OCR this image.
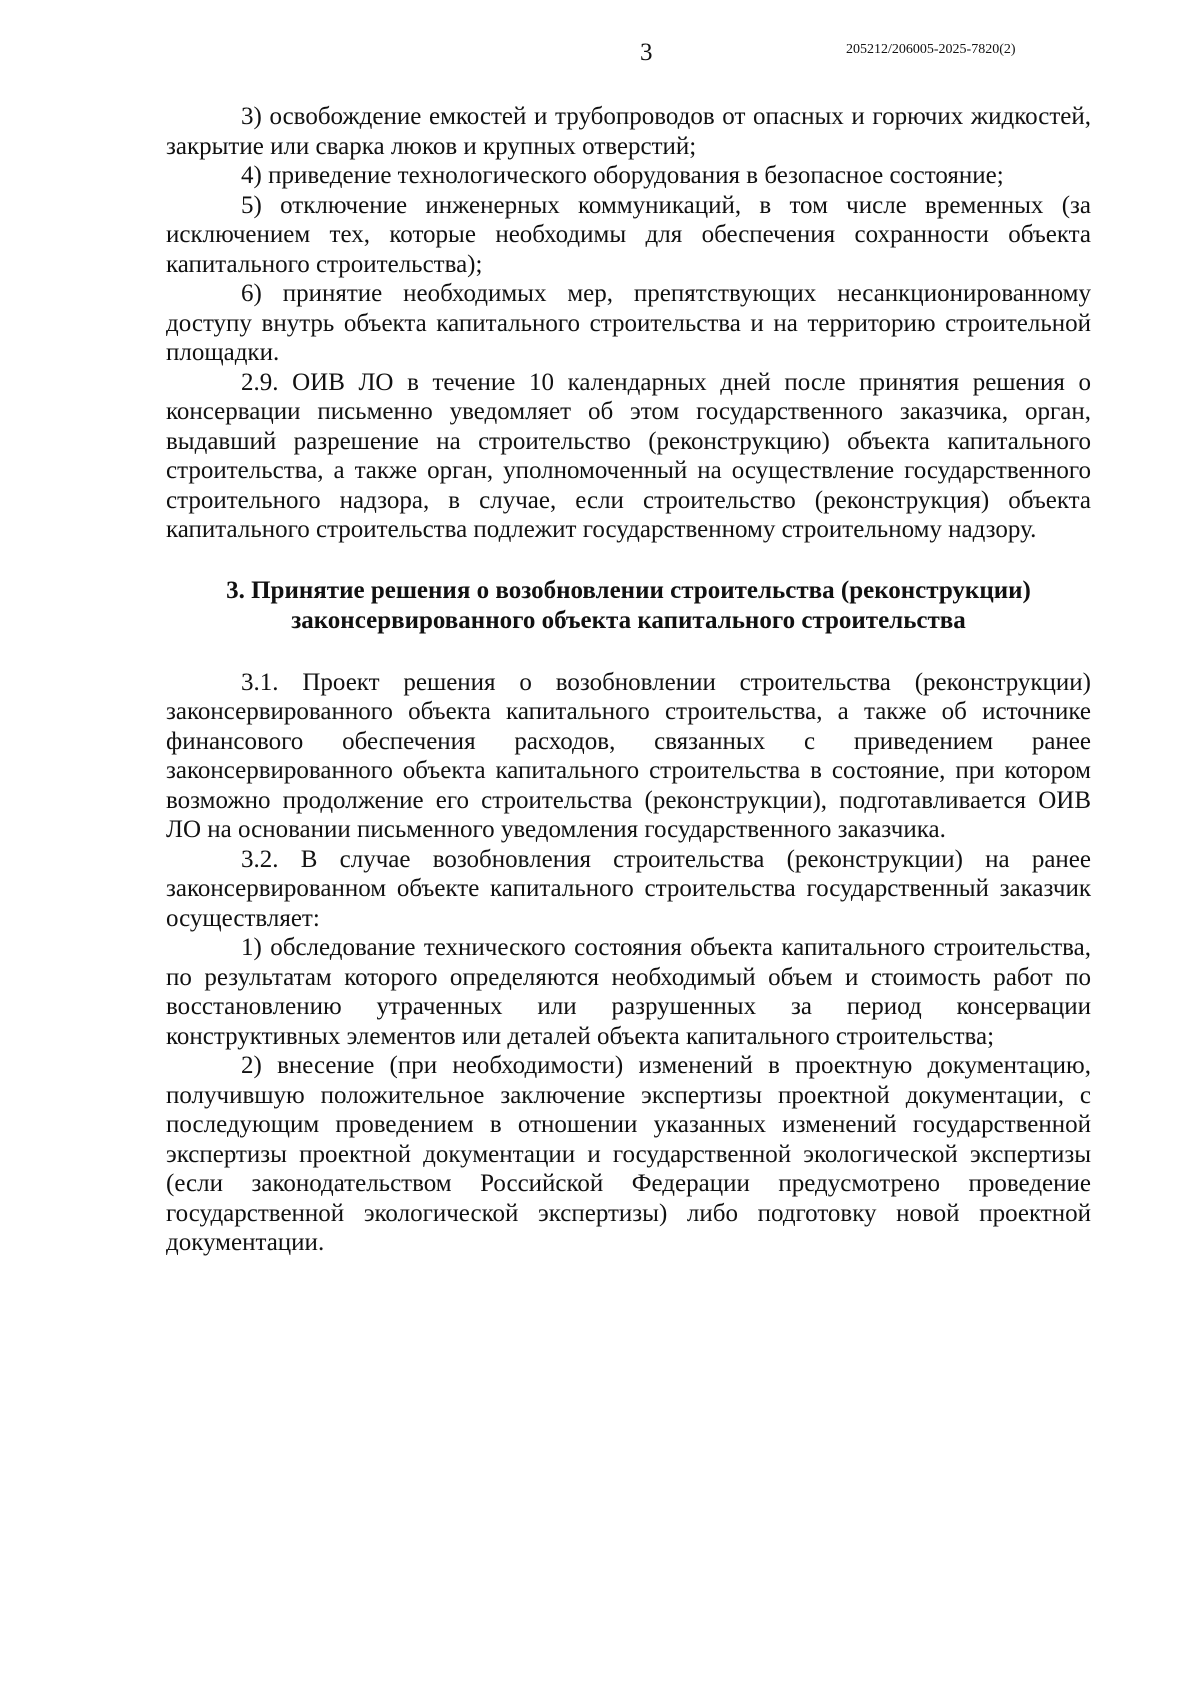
3	205212/206005-2025-7820(2)

3) освобождение емкостей и трубопроводов от опасных и горючих жидкостей, закрытие или сварка люков и крупных отверстий;

4) приведение технологического оборудования в безопасное состояние;

5) отключение инженерных коммуникаций, в том числе временных (за исключением тех, которые необходимы для обеспечения сохранности объекта капитального строительства);

6) принятие необходимых мер, препятствующих несанкционированному доступу внутрь объекта капитального строительства и на территорию строительной площадки.

2.9. ОИВ ЛО в течение 10 календарных дней после принятия решения о консервации письменно уведомляет об этом государственного заказчика, орган, выдавший разрешение на строительство (реконструкцию) объекта капитального строительства, а также орган, уполномоченный на осуществление государственного строительного надзора, в случае, если строительство (реконструкция) объекта капитального строительства подлежит государственному строительному надзору.

3. Принятие решения о возобновлении строительства (реконструкции)
законсервированного объекта капитального строительства

3.1. Проект решения о возобновлении строительства (реконструкции) законсервированного объекта капитального строительства, а также об источнике финансового обеспечения расходов, связанных с приведением ранее законсервированного объекта капитального строительства в состояние, при котором возможно продолжение его строительства (реконструкции), подготавливается ОИВ ЛО на основании письменного уведомления государственного заказчика.

3.2. В случае возобновления строительства (реконструкции) на ранее законсервированном объекте капитального строительства государственный заказчик осуществляет:

1) обследование технического состояния объекта капитального строительства, по результатам которого определяются необходимый объем и стоимость работ по восстановлению утраченных или разрушенных за период консервации конструктивных элементов или деталей объекта капитального строительства;

2) внесение (при необходимости) изменений в проектную документацию, получившую положительное заключение экспертизы проектной документации, с последующим проведением в отношении указанных изменений государственной экспертизы проектной документации и государственной экологической экспертизы (если законодательством Российской Федерации предусмотрено проведение государственной экологической экспертизы) либо подготовку новой проектной документации.
